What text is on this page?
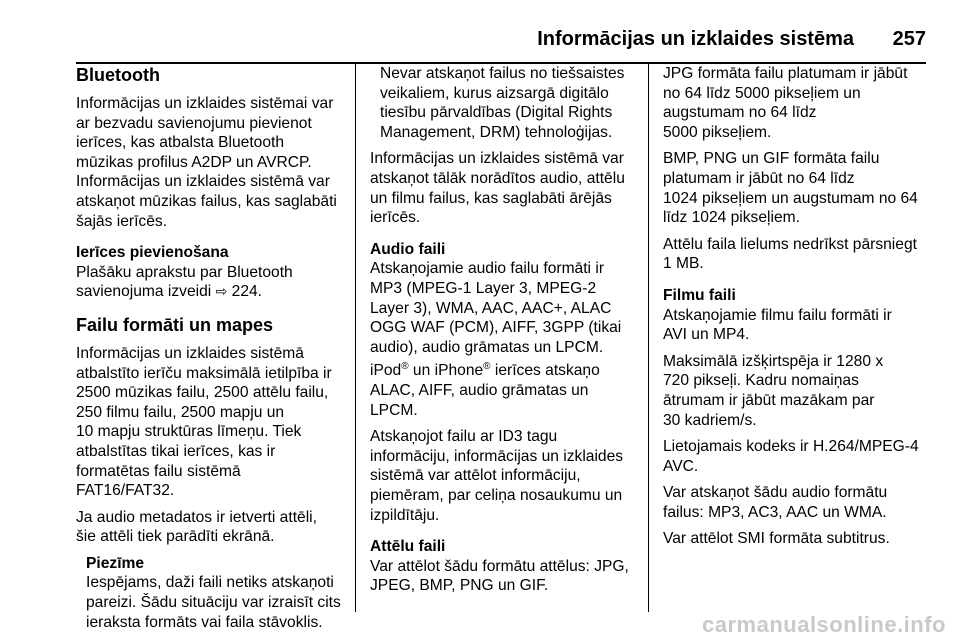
Informācijas un izklaides sistēma 257
Bluetooth

Informācijas un izklaides sistēmai var
ar bezvadu savienojumu pievienot
ierīces, kas atbalsta Bluetooth
mūzikas profilus A2DP un AVRCP.
Informācijas un izklaides sistēmā var
atskaņot mūzikas failus, kas saglabāti
šajās ierīcēs.

Ierīces pievienošana

Plašāku aprakstu par Bluetooth
savienojuma izveidi ⇨ 224.

Failu formāti un mapes

Informācijas un izklaides sistēmā
atbalstīto ierīču maksimālā ietilpība ir
2500 mūzikas failu, 2500 attēlu failu,
250 filmu failu, 2500 mapju un
10 mapju struktūras līmeņu. Tiek
atbalstītas tikai ierīces, kas ir
formatētas failu sistēmā
FAT16/FAT32.

Ja audio metadatos ir ietverti attēli,
šie attēli tiek parādīti ekrānā.

Piezīme

Iespējams, daži faili netiks atskaņoti
pareizi. Šādu situāciju var izraisīt cits
ieraksta formāts vai faila stāvoklis.

Nevar atskaņot failus no tiešsaistes
veikaliem, kurus aizsargā digitālo
tiesību pārvaldības (Digital Rights
Management, DRM) tehnoloģijas.

Informācijas un izklaides sistēmā var
atskaņot tālāk norādītos audio, attēlu
un filmu failus, kas saglabāti ārējās
ierīcēs.

Audio faili

Atskaņojamie audio failu formāti ir
MP3 (MPEG-1 Layer 3, MPEG-2
Layer 3), WMA, AAC, AAC+, ALAC
OGG WAF (PCM), AIFF, 3GPP (tikai
audio), audio grāmatas un LPCM.

iPod® un iPhone® ierīces atskaņo
ALAC, AIFF, audio grāmatas un
LPCM.

Atskaņojot failu ar ID3 tagu
informāciju, informācijas un izklaides
sistēmā var attēlot informāciju,
piemēram, par celiņa nosaukumu un
izpildītāju.

Attēlu faili

Var attēlot šādu formātu attēlus: JPG,
JPEG, BMP, PNG un GIF.

JPG formāta failu platumam ir jābūt
no 64 līdz 5000 pikseļiem un
augstumam no 64 līdz
5000 pikseļiem.

BMP, PNG un GIF formāta failu
platumam ir jābūt no 64 līdz
1024 pikseļiem un augstumam no 64
līdz 1024 pikseļiem.

Attēlu faila lielums nedrīkst pārsniegt
1 MB.

Filmu faili

Atskaņojamie filmu failu formāti ir
AVI un MP4.

Maksimālā izšķirtspēja ir 1280 x
720 pikseļi. Kadru nomaiņas
ātrumam ir jābūt mazākam par
30 kadriem/s.

Lietojamais kodeks ir H.264/MPEG-4
AVC.

Var atskaņot šādu audio formātu
failus: MP3, AC3, AAC un WMA.

Var attēlot SMI formāta subtitrus.

carmanualsonline.info
